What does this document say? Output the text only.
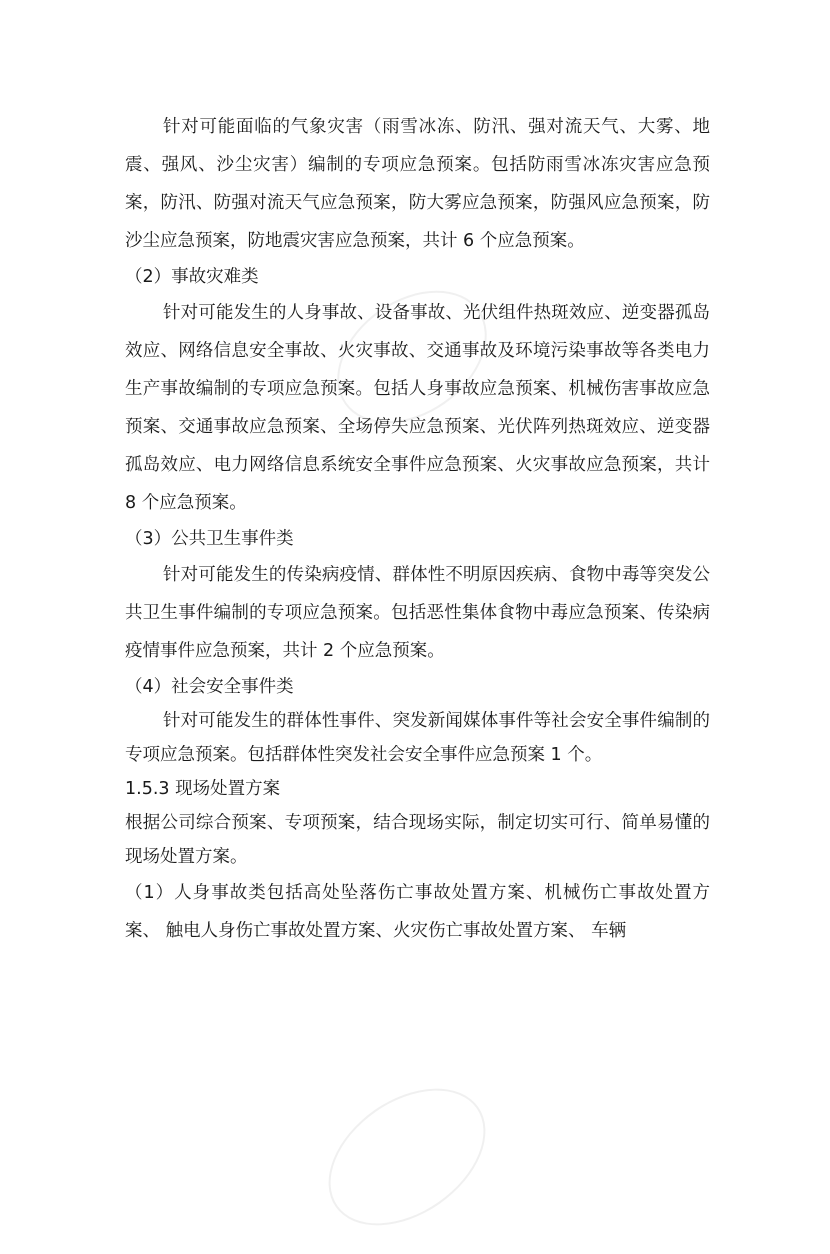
针对可能面临的气象灾害（雨雪冰冻、防汛、强对流天气、大雾、地震、强风、沙尘灾害）编制的专项应急预案。包括防雨雪冰冻灾害应急预案，防汛、防强对流天气应急预案，防大雾应急预案，防强风应急预案，防沙尘应急预案，防地震灾害应急预案，共计 6 个应急预案。

（2）事故灾难类

针对可能发生的人身事故、设备事故、光伏组件热斑效应、逆变器孤岛效应、网络信息安全事故、火灾事故、交通事故及环境污染事故等各类电力生产事故编制的专项应急预案。包括人身事故应急预案、机械伤害事故应急预案、交通事故应急预案、全场停失应急预案、光伏阵列热斑效应、逆变器孤岛效应、电力网络信息系统安全事件应急预案、火灾事故应急预案，共计 8 个应急预案。

（3）公共卫生事件类

针对可能发生的传染病疫情、群体性不明原因疾病、食物中毒等突发公共卫生事件编制的专项应急预案。包括恶性集体食物中毒应急预案、传染病疫情事件应急预案，共计 2 个应急预案。

（4）社会安全事件类

针对可能发生的群体性事件、突发新闻媒体事件等社会安全事件编制的专项应急预案。包括群体性突发社会安全事件应急预案 1 个。

1.5.3 现场处置方案

根据公司综合预案、专项预案，结合现场实际，制定切实可行、简单易懂的现场处置方案。

（1）人身事故类包括高处坠落伤亡事故处置方案、机械伤亡事故处置方案、 触电人身伤亡事故处置方案、火灾伤亡事故处置方案、 车辆
